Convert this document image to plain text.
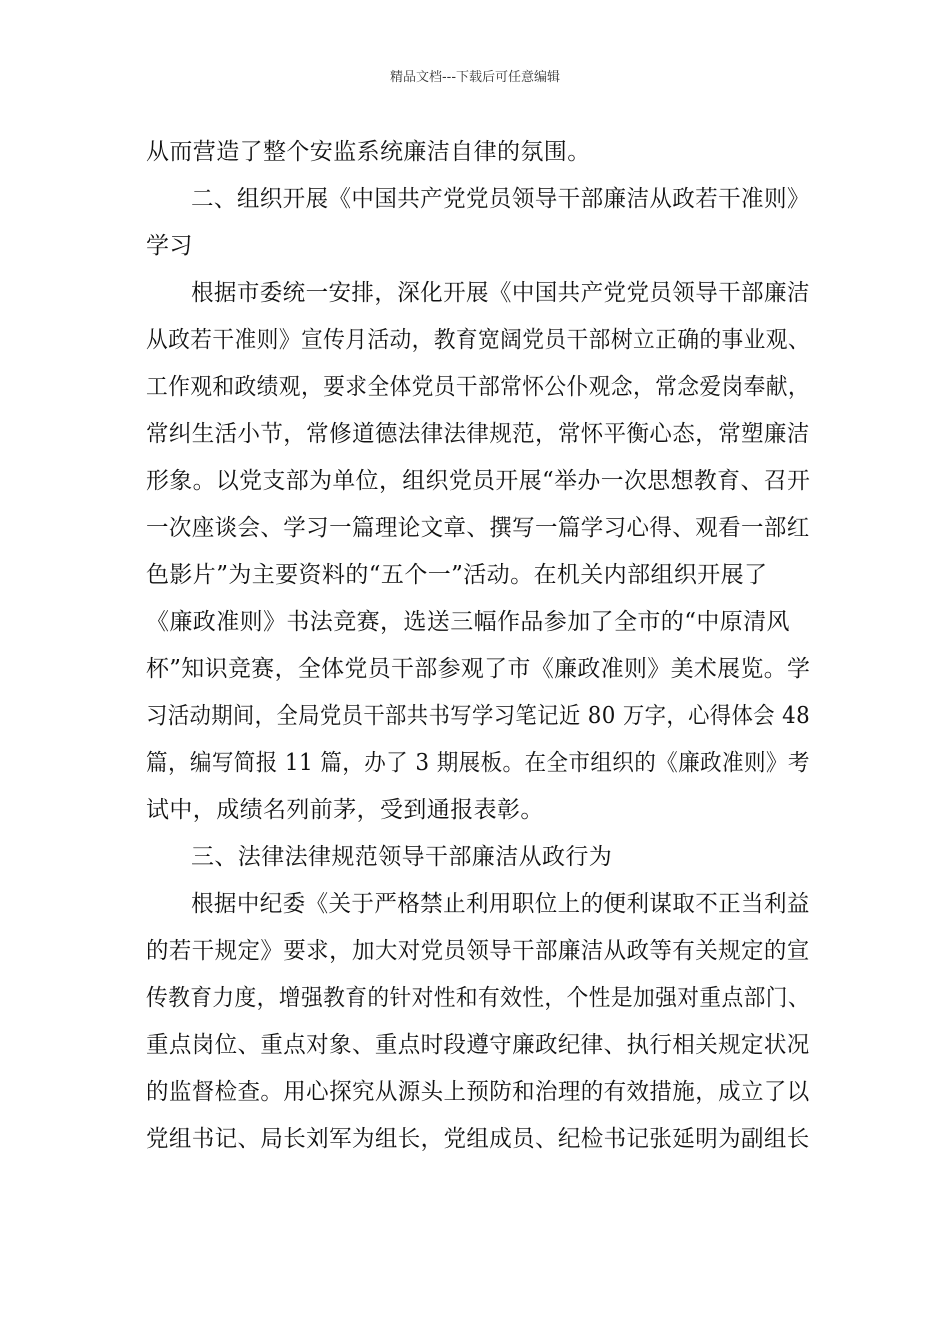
精品文档---下载后可任意编辑
从而营造了整个安监系统廉洁自律的氛围。
二、组织开展《中国共产党党员领导干部廉洁从政若干准则》
学习
根据市委统一安排，深化开展《中国共产党党员领导干部廉洁
从政若干准则》宣传月活动，教育宽阔党员干部树立正确的事业观、
工作观和政绩观，要求全体党员干部常怀公仆观念，常念爱岗奉献，
常纠生活小节，常修道德法律法律规范，常怀平衡心态，常塑廉洁
形象。以党支部为单位，组织党员开展“举办一次思想教育、召开
一次座谈会、学习一篇理论文章、撰写一篇学习心得、观看一部红
色影片”为主要资料的“五个一”活动。在机关内部组织开展了
《廉政准则》书法竞赛，选送三幅作品参加了全市的“中原清风
杯”知识竞赛，全体党员干部参观了市《廉政准则》美术展览。学
习活动期间，全局党员干部共书写学习笔记近 80 万字，心得体会 48
篇，编写简报 11 篇，办了 3 期展板。在全市组织的《廉政准则》考
试中，成绩名列前茅，受到通报表彰。
三、法律法律规范领导干部廉洁从政行为
根据中纪委《关于严格禁止利用职位上的便利谋取不正当利益
的若干规定》要求，加大对党员领导干部廉洁从政等有关规定的宣
传教育力度，增强教育的针对性和有效性，个性是加强对重点部门、
重点岗位、重点对象、重点时段遵守廉政纪律、执行相关规定状况
的监督检查。用心探究从源头上预防和治理的有效措施，成立了以
党组书记、局长刘军为组长，党组成员、纪检书记张延明为副组长
